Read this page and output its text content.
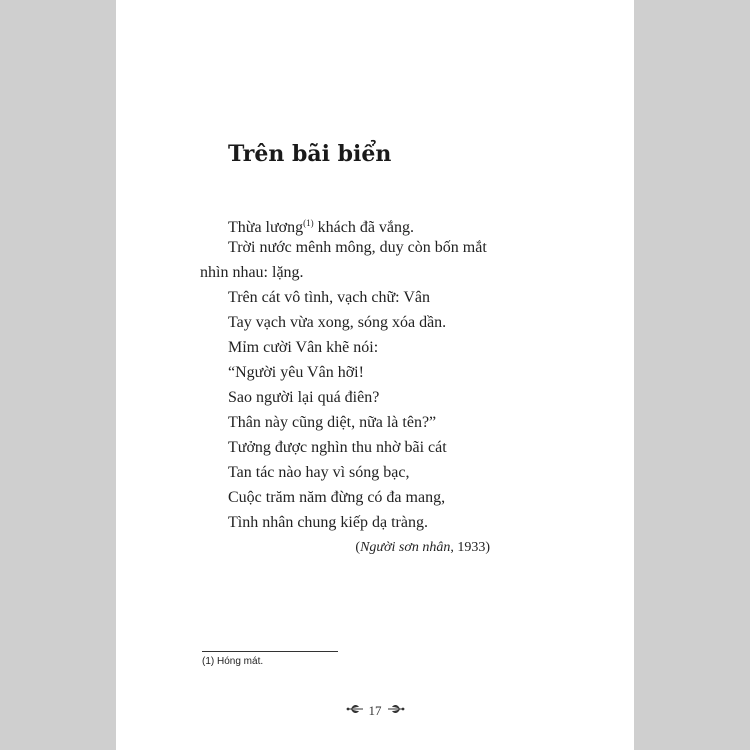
Trên bãi biển
Thừa lương$^{(1)}$ khách đã vắng.
Trời nước mênh mông, duy còn bốn mắt
nhìn nhau: lặng.
Trên cát vô tình, vạch chữ: Vân
Tay vạch vừa xong, sóng xóa dần.
Mỉm cười Vân khẽ nói:
“Người yêu Vân hỡi!
Sao người lại quá điên?
Thân này cũng diệt, nữa là tên?”
Tưởng được nghìn thu nhờ bãi cát
Tan tác nào hay vì sóng bạc,
Cuộc trăm năm đừng có đa mang,
Tình nhân chung kiếp dạ tràng.
(Người sơn nhân, 1933)
(1) Hóng mát.
17
